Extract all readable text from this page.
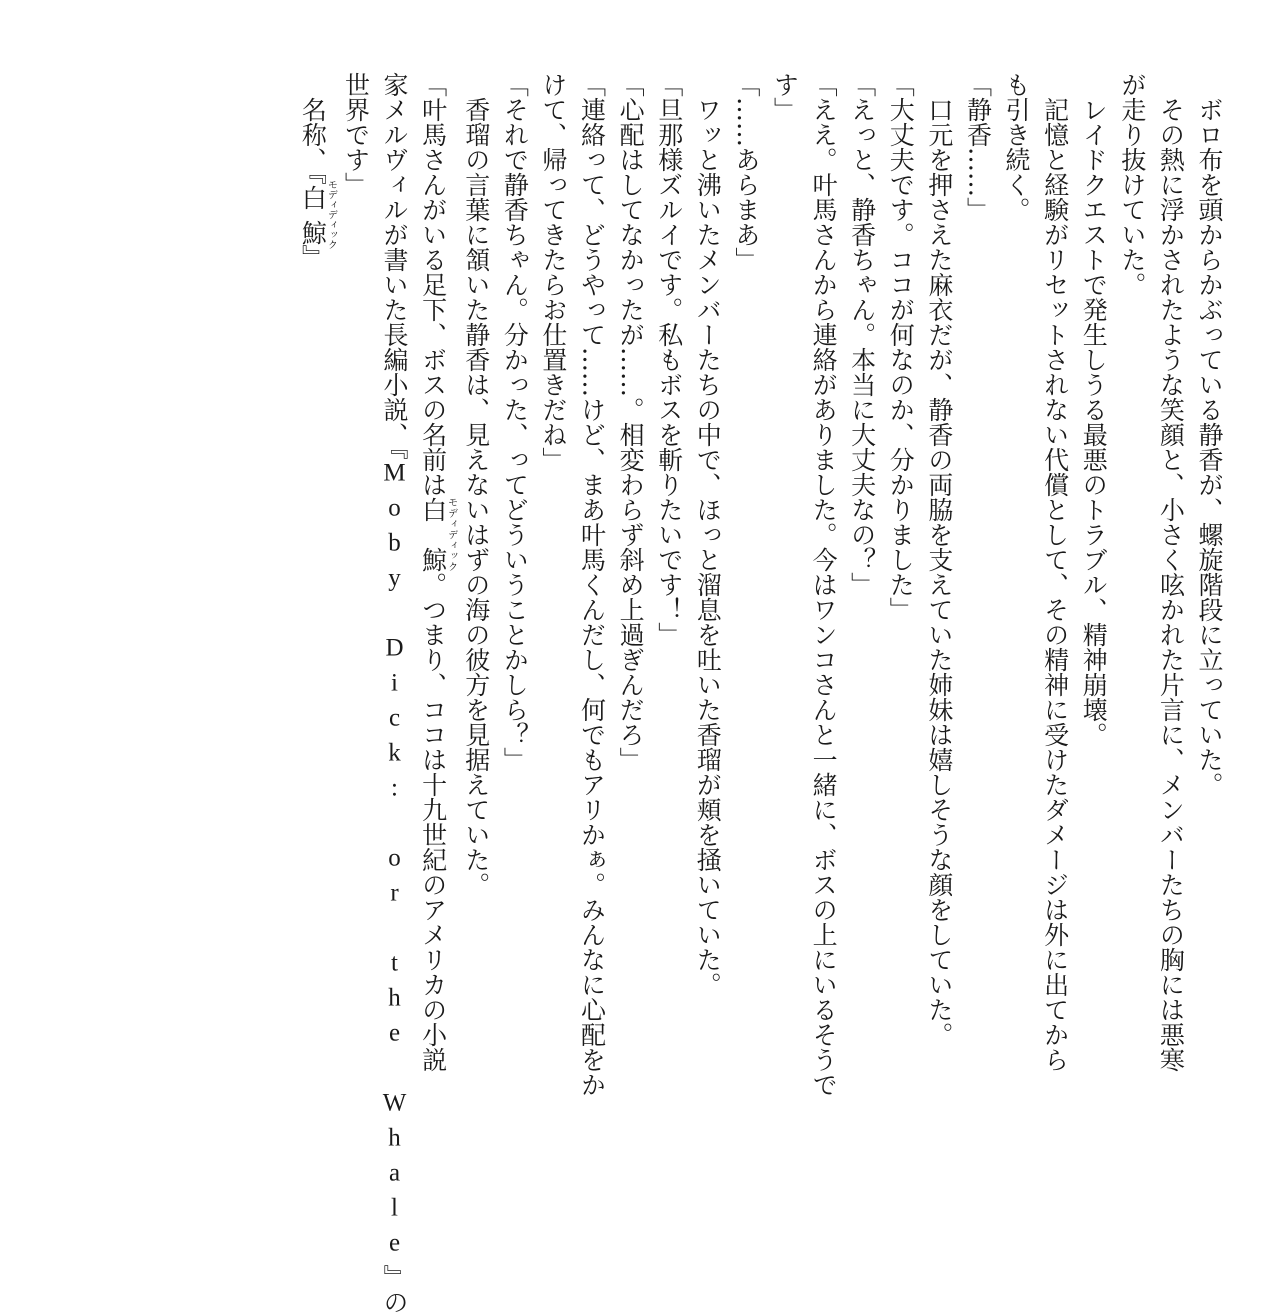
ボロ布を頭からかぶっている静香が、螺旋階段に立っていた。
その熱に浮かされたような笑顔と、小さく呟かれた片言に、メンバーたちの胸には悪寒
が走り抜けていた。
レイドクエストで発生しうる最悪のトラブル、精神崩壊。
記憶と経験がリセットされない代償として、その精神に受けたダメージは外に出てから
も引き続く。
「静香……」
口元を押さえた麻衣だが、静香の両脇を支えていた姉妹は嬉しそうな顔をしていた。
「大丈夫です。ココが何なのか、分かりました」
「えっと、静香ちゃん。本当に大丈夫なの？」
「ええ。叶馬さんから連絡がありました。今はワンコさんと一緒に、ボスの上にいるそうで
す」
「……あらまあ」
ワッと沸いたメンバーたちの中で、ほっと溜息を吐いた香瑠が頬を掻いていた。
「旦那様ズルイです。私もボスを斬りたいです！」
「心配はしてなかったが……。相変わらず斜め上過ぎんだろ」
「連絡って、どうやって……けど、まあ叶馬くんだし、何でもアリかぁ。みんなに心配をか
けて、帰ってきたらお仕置きだね」
「それで静香ちゃん。分かった、ってどういうことかしら？」
香瑠の言葉に頷いた静香は、見えないはずの海の彼方を見据えていた。
「叶馬さんがいる足下、ボスの名前は白　鯨モディディック。つまり、ココは十九世紀のアメリカの小説
家メルヴィルが書いた長編小説、『Moby Dick: or the Whale』の
世界です」
名称、『白鯨モディディック』
